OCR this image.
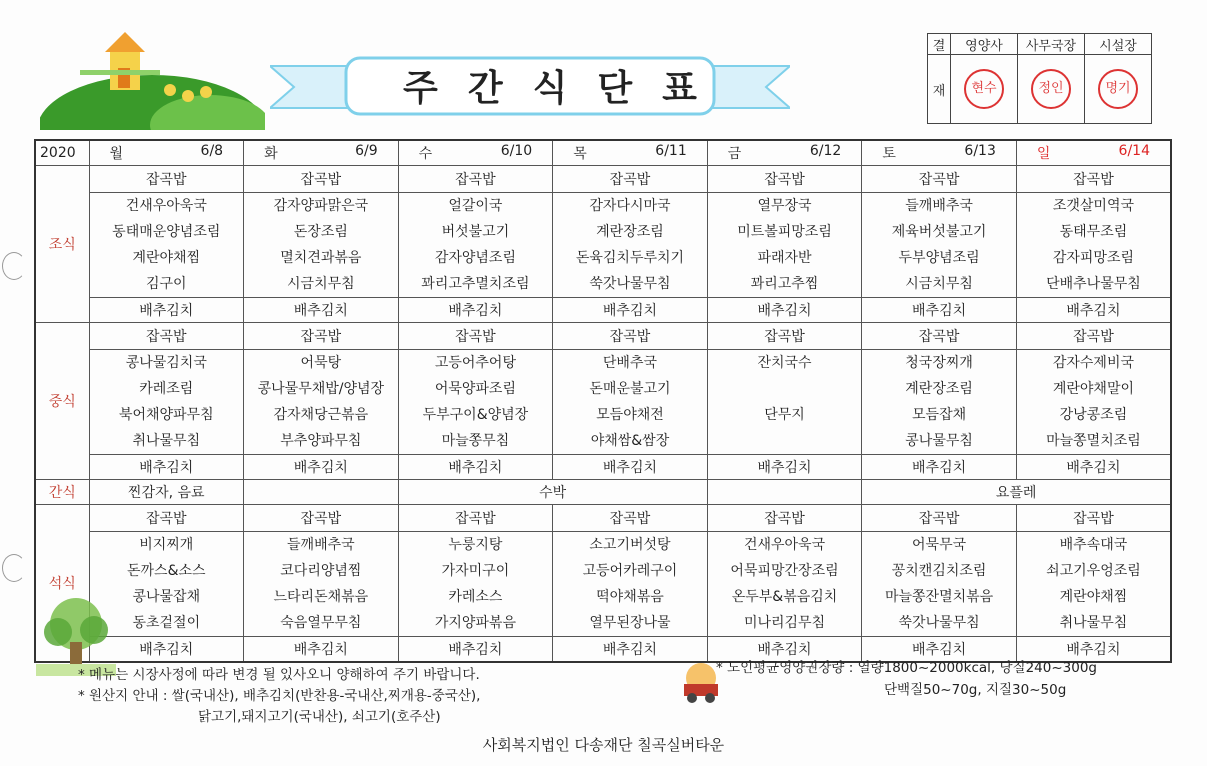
주간식단표
결	영양사	사무국장	시설장
재	현수	정인	명기
2020	월 6/8	화 6/9	수 6/10	목 6/11	금 6/12	토 6/13	일 6/14

조식	잡곡밥	잡곡밥	잡곡밥	잡곡밥	잡곡밥	잡곡밥	잡곡밥

	건새우아욱국
동태매운양념조림
계란야채찜
김구이	감자양파맑은국
돈장조림
멸치견과볶음
시금치무침	얼갈이국
버섯불고기
감자양념조림
꽈리고추멸치조림	감자다시마국
계란장조림
돈육김치두루치기
쑥갓나물무침	열무장국
미트볼피망조림
파래자반
꽈리고추찜	들깨배추국
제육버섯불고기
두부양념조림
시금치무침	조갯살미역국
동태무조림
감자피망조림
단배추나물무침

	배추김치	배추김치	배추김치	배추김치	배추김치	배추김치	배추김치
중식	잡곡밥	잡곡밥	잡곡밥	잡곡밥	잡곡밥	잡곡밥	잡곡밥

	콩나물김치국
카레조림
북어채양파무침
취나물무침	어묵탕
콩나물무채밥/양념장
감자채당근볶음
부추양파무침	고등어추어탕
어묵양파조림
두부구이&양념장
마늘쫑무침	단배추국
돈매운불고기
모듬야채전
야채쌈&쌈장	잔치국수
단무지	청국장찌개
계란장조림
모듬잡채
콩나물무침	감자수제비국
계란야채말이
강낭콩조림
마늘쫑멸치조림

	배추김치	배추김치	배추김치	배추김치	배추김치	배추김치	배추김치
간식	찐감자, 음료		수박			요플레	
석식	잡곡밥	잡곡밥	잡곡밥	잡곡밥	잡곡밥	잡곡밥	잡곡밥

	비지찌개
돈까스&소스
콩나물잡채
동초겉절이	들깨배추국
코다리양념찜
느타리돈채볶음
숙음열무무침	누룽지탕
가자미구이
카레소스
가지양파볶음	소고기버섯탕
고등어카레구이
떡야채볶음
열무된장나물	건새우아욱국
어묵피망간장조림
온두부&볶음김치
미나리김무침	어묵무국
꽁치캔김치조림
마늘쫑잔멸치볶음
쑥갓나물무침	배추속대국
쇠고기우엉조림
계란야채찜
취나물무침

	배추김치	배추김치	배추김치	배추김치	배추김치	배추김치	배추김치
* 메뉴는 시장사정에 따라 변경 될 있사오니 양해하여 주기 바랍니다.
* 원산지 안내 : 쌀(국내산), 배추김치(반찬용-국내산,찌개용-중국산),
닭고기,돼지고기(국내산), 쇠고기(호주산)
* 노인평균영양권장량 : 열량1800~2000kcal, 당질240~300g
단백질50~70g, 지질30~50g
사회복지법인 다송재단 칠곡실버타운
